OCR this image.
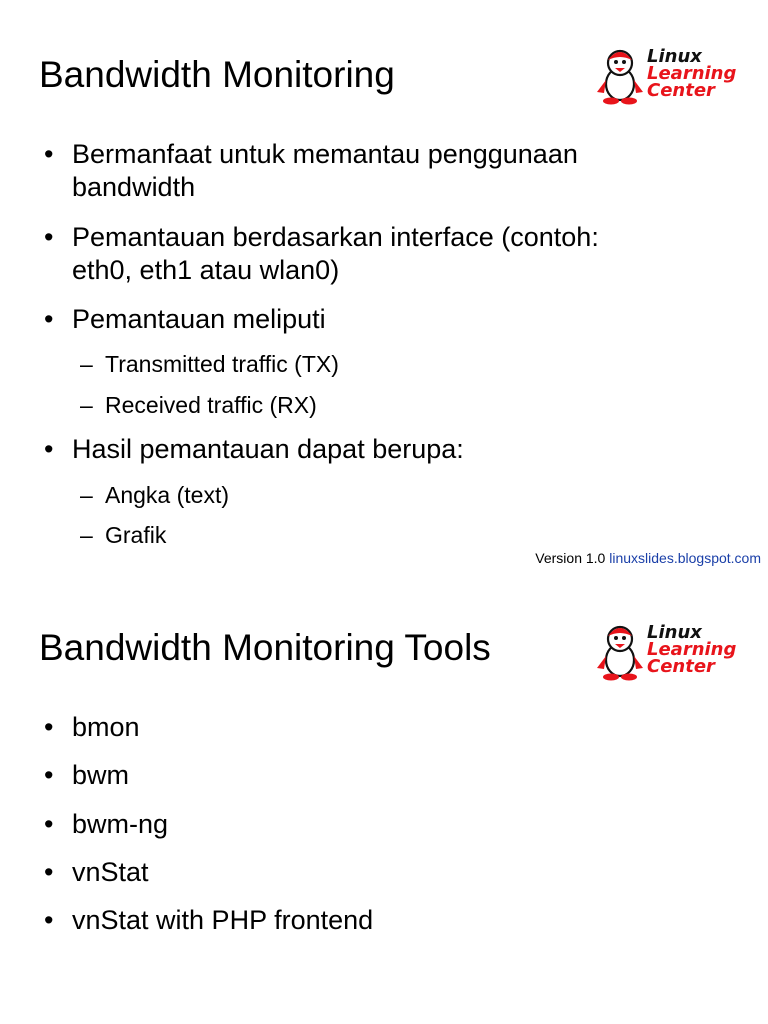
Bandwidth Monitoring	Linux
Learning
Center

• Bermanfaat untuk memantau penggunaan
bandwidth
• Pemantauan berdasarkan interface (contoh:
eth0, eth1 atau wlan0)
• Pemantauan meliputi
– Transmitted traffic (TX)
– Received traffic (RX)
• Hasil pemantauan dapat berupa:
– Angka (text)
– Grafik

Version 1.0 linuxslides.blogspot.com

Bandwidth Monitoring Tools	Linux
Learning
Center

• bmon
• bwm
• bwm-ng
• vnStat
• vnStat with PHP frontend
